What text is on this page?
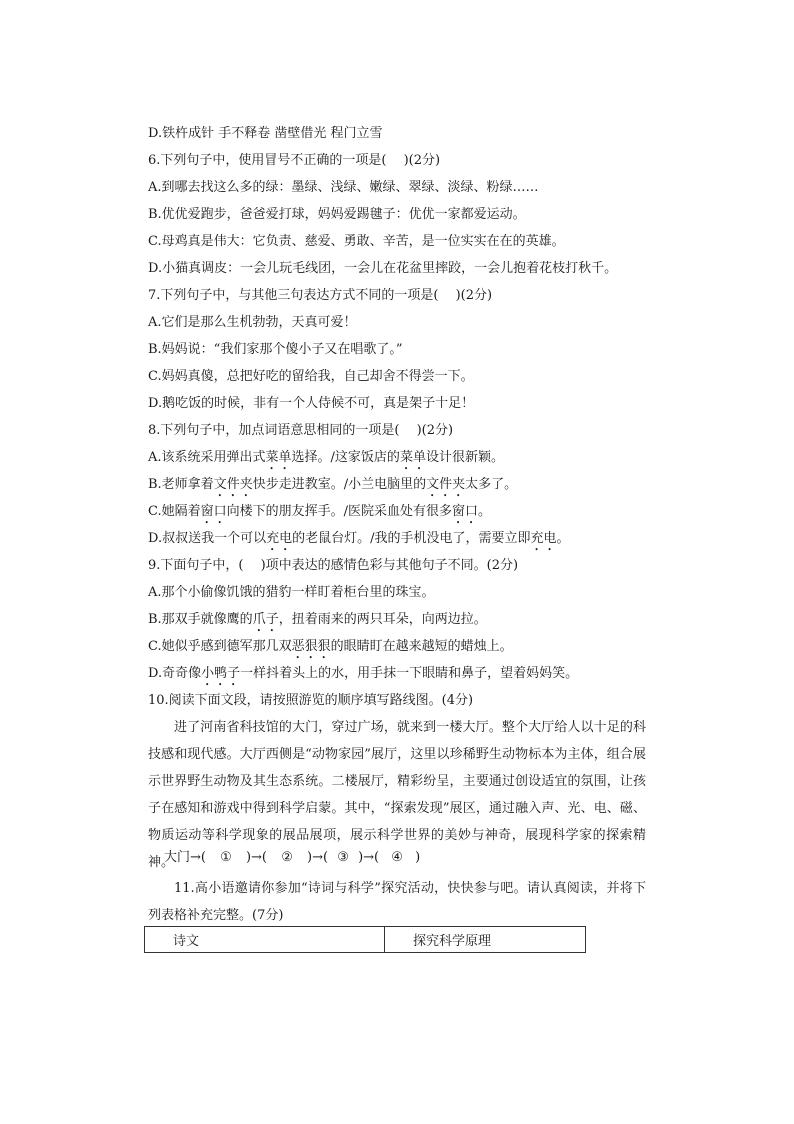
D.铁杵成针 手不释卷 凿壁借光 程门立雪
6.下列句子中，使用冒号不正确的一项是(　 )(2分)
A.到哪去找这么多的绿：墨绿、浅绿、嫩绿、翠绿、淡绿、粉绿……
B.优优爱跑步，爸爸爱打球，妈妈爱踢毽子：优优一家都爱运动。
C.母鸡真是伟大：它负责、慈爱、勇敢、辛苦，是一位实实在在的英雄。
D.小猫真调皮：一会儿玩毛线团，一会儿在花盆里摔跤，一会儿抱着花枝打秋千。
7.下列句子中，与其他三句表达方式不同的一项是(　 )(2分)
A.它们是那么生机勃勃，天真可爱！
B.妈妈说：“我们家那个傻小子又在唱歌了。”
C.妈妈真傻，总把好吃的留给我，自己却舍不得尝一下。
D.鹅吃饭的时候，非有一个人侍候不可，真是架子十足！
8.下列句子中，加点词语意思相同的一项是(　 )(2分)
A.该系统采用弹出式菜单选择。/这家饭店的菜单设计很新颖。
B.老师拿着文件夹快步走进教室。/小兰电脑里的文件夹太多了。
C.她隔着窗口向楼下的朋友挥手。/医院采血处有很多窗口。
D.叔叔送我一个可以充电的老鼠台灯。/我的手机没电了，需要立即充电。
9.下面句子中，(　 )项中表达的感情色彩与其他句子不同。(2分)
A.那个小偷像饥饿的猎豹一样盯着柜台里的珠宝。
B.那双手就像鹰的爪子，扭着雨来的两只耳朵，向两边拉。
C.她似乎感到德军那几双恶狠狠的眼睛盯在越来越短的蜡烛上。
D.奇奇像小鸭子一样抖着头上的水，用手抹一下眼睛和鼻子，望着妈妈笑。
10.阅读下面文段，请按照游览的顺序填写路线图。(4分)
进了河南省科技馆的大门，穿过广场，就来到一楼大厅。整个大厅给人以十足的科技感和现代感。大厅西侧是“动物家园”展厅，这里以珍稀野生动物标本为主体，组合展示世界野生动物及其生态系统。二楼展厅，精彩纷呈，主要通过创设适宜的氛围，让孩子在感知和游戏中得到科学启蒙。其中，“探索发现”展区，通过融入声、光、电、磁、物质运动等科学现象的展品展项，展示科学世界的美妙与神奇，展现科学家的探索精神。
大门→( ① )→( ② )→( ③ )→( ④ )
11.高小语邀请你参加“诗词与科学”探究活动，快快参与吧。请认真阅读，并将下列表格补充完整。(7分)
诗文	探究科学原理
